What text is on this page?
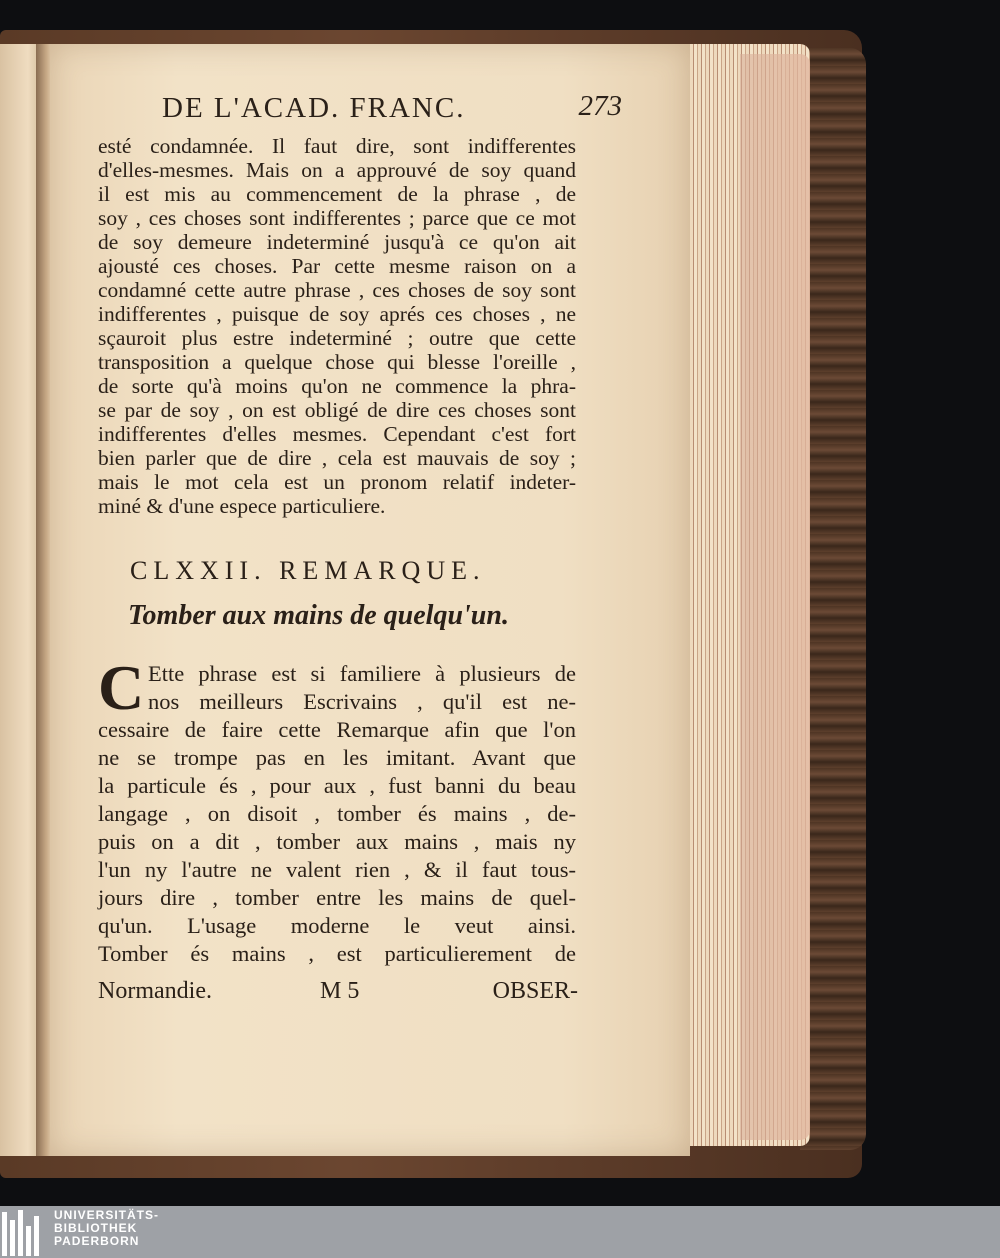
DE L'ACAD. FRANC.	273
esté condamnée. Il faut dire, sont indifferentes
d'elles-mesmes. Mais on a approuvé de soy quand
il est mis au commencement de la phrase , de
soy , ces choses sont indifferentes ; parce que ce mot
de soy demeure indeterminé jusqu'à ce qu'on ait
ajousté ces choses. Par cette mesme raison on a
condamné cette autre phrase , ces choses de soy sont
indifferentes , puisque de soy aprés ces choses , ne
sçauroit plus estre indeterminé ; outre que cette
transposition a quelque chose qui blesse l'oreille ,
de sorte qu'à moins qu'on ne commence la phra-
se par de soy , on est obligé de dire ces choses sont
indifferentes d'elles mesmes. Cependant c'est fort
bien parler que de dire , cela est mauvais de soy ;
mais le mot cela est un pronom relatif indeter-
miné & d'une espece particuliere.
CLXXII. REMARQUE.
Tomber aux mains de quelqu'un.
C Ette phrase est si familiere à plusieurs de
nos meilleurs Escrivains , qu'il est ne-
cessaire de faire cette Remarque afin que l'on
ne se trompe pas en les imitant. Avant que
la particule és , pour aux , fust banni du beau
langage , on disoit , tomber és mains , de-
puis on a dit , tomber aux mains , mais ny
l'un ny l'autre ne valent rien , & il faut tous-
jours dire , tomber entre les mains de quel-
qu'un. L'usage moderne le veut ainsi.
Tomber és mains , est particulierement de
Normandie.	M 5	OBSER-
UNIVERSITÄTS-
BIBLIOTHEK
PADERBORN
